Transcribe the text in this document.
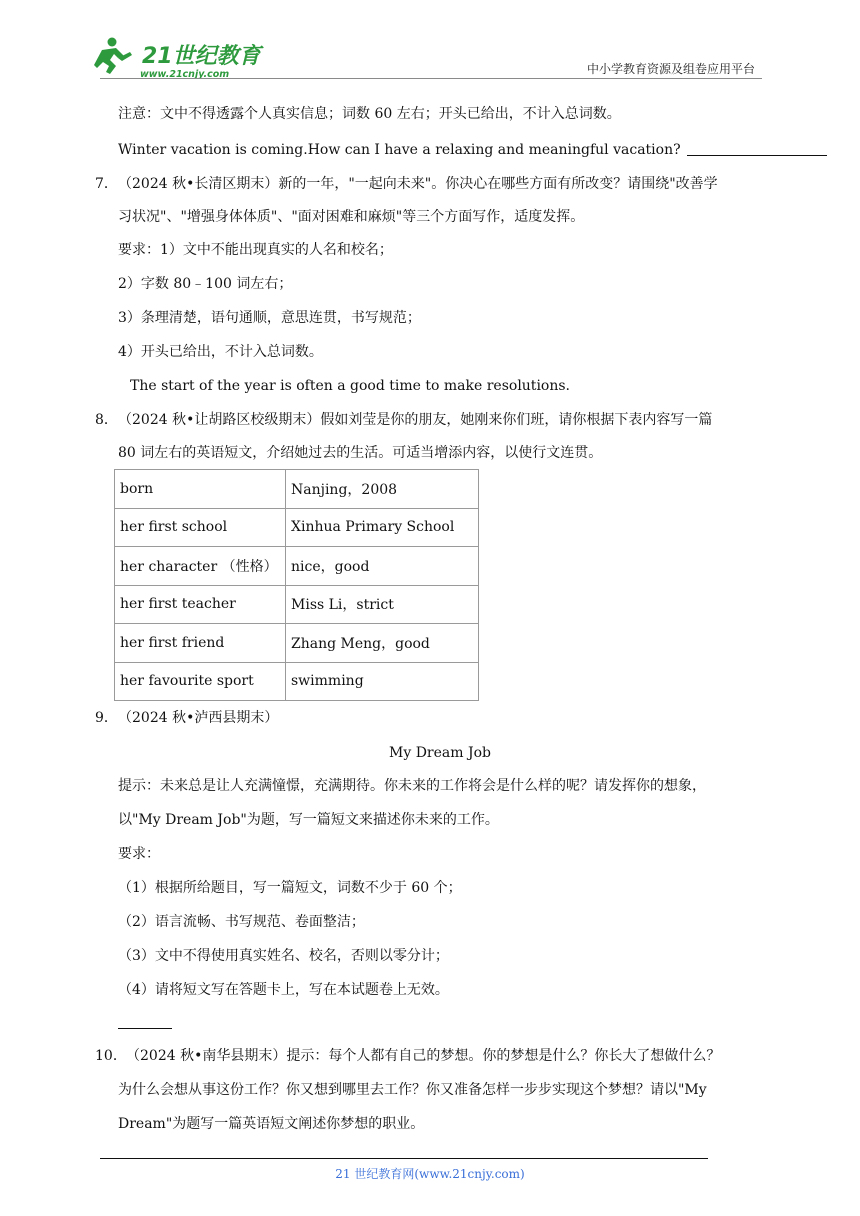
21世纪教育
www.21cnjy.com	中小学教育资源及组卷应用平台
注意：文中不得透露个人真实信息；词数 60 左右；开头已给出，不计入总词数。
Winter vacation is coming.How can I have a relaxing and meaningful vacation?
7． （2024 秋•长清区期末）新的一年，"一起向未来"。你决心在哪些方面有所改变？请围绕"改善学
习状况"、"增强身体体质"、"面对困难和麻烦"等三个方面写作，适度发挥。
要求：1）文中不能出现真实的人名和校名；
2）字数 80﹣100 词左右；
3）条理清楚，语句通顺，意思连贯，书写规范；
4）开头已给出，不计入总词数。
The start of the year is often a good time to make resolutions.
8． （2024 秋•让胡路区校级期末）假如刘莹是你的朋友，她刚来你们班，请你根据下表内容写一篇
80 词左右的英语短文，介绍她过去的生活。可适当增添内容，以使行文连贯。
born	Nanjing，2008
her first school	Xinhua Primary School
her character （性格）	nice，good
her first teacher	Miss Li，strict
her first friend	Zhang Meng，good
her favourite sport	swimming
9． （2024 秋•泸西县期末）
My Dream Job
提示：未来总是让人充满憧憬，充满期待。你未来的工作将会是什么样的呢？请发挥你的想象，
以"My Dream Job"为题，写一篇短文来描述你未来的工作。
要求：
（1）根据所给题目，写一篇短文，词数不少于 60 个；
（2）语言流畅、书写规范、卷面整洁；
（3）文中不得使用真实姓名、校名，否则以零分计；
（4）请将短文写在答题卡上，写在本试题卷上无效。
10． （2024 秋•南华县期末）提示：每个人都有自己的梦想。你的梦想是什么？你长大了想做什么？
为什么会想从事这份工作？你又想到哪里去工作？你又准备怎样一步步实现这个梦想？请以"My
Dream"为题写一篇英语短文阐述你梦想的职业。
21 世纪教育网(www.21cnjy.com)
